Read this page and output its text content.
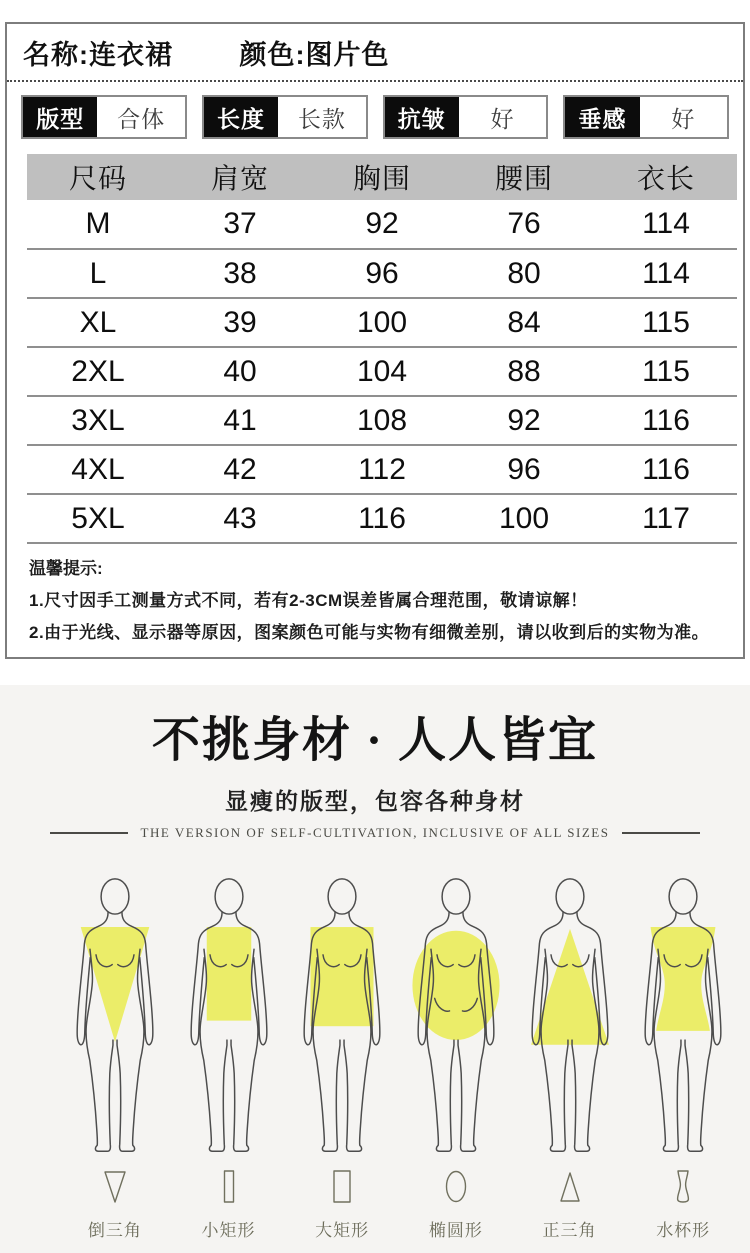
名称:连衣裙 颜色:图片色
版型	合体	长度	长款	抗皱	好	垂感	好
尺码	肩宽	胸围	腰围	衣长
M	37	92	76	114
L	38	96	80	114
XL	39	100	84	115
2XL	40	104	88	115
3XL	41	108	92	116
4XL	42	112	96	116
5XL	43	116	100	117
温馨提示:
1.尺寸因手工测量方式不同，若有2-3CM误差皆属合理范围，敬请谅解！
2.由于光线、显示器等原因，图案颜色可能与实物有细微差别，请以收到后的实物为准。
不挑身材 · 人人皆宜
显瘦的版型，包容各种身材
THE VERSION OF SELF-CULTIVATION, INCLUSIVE OF ALL SIZES
倒三角	小矩形	大矩形	椭圆形	正三角	水杯形
